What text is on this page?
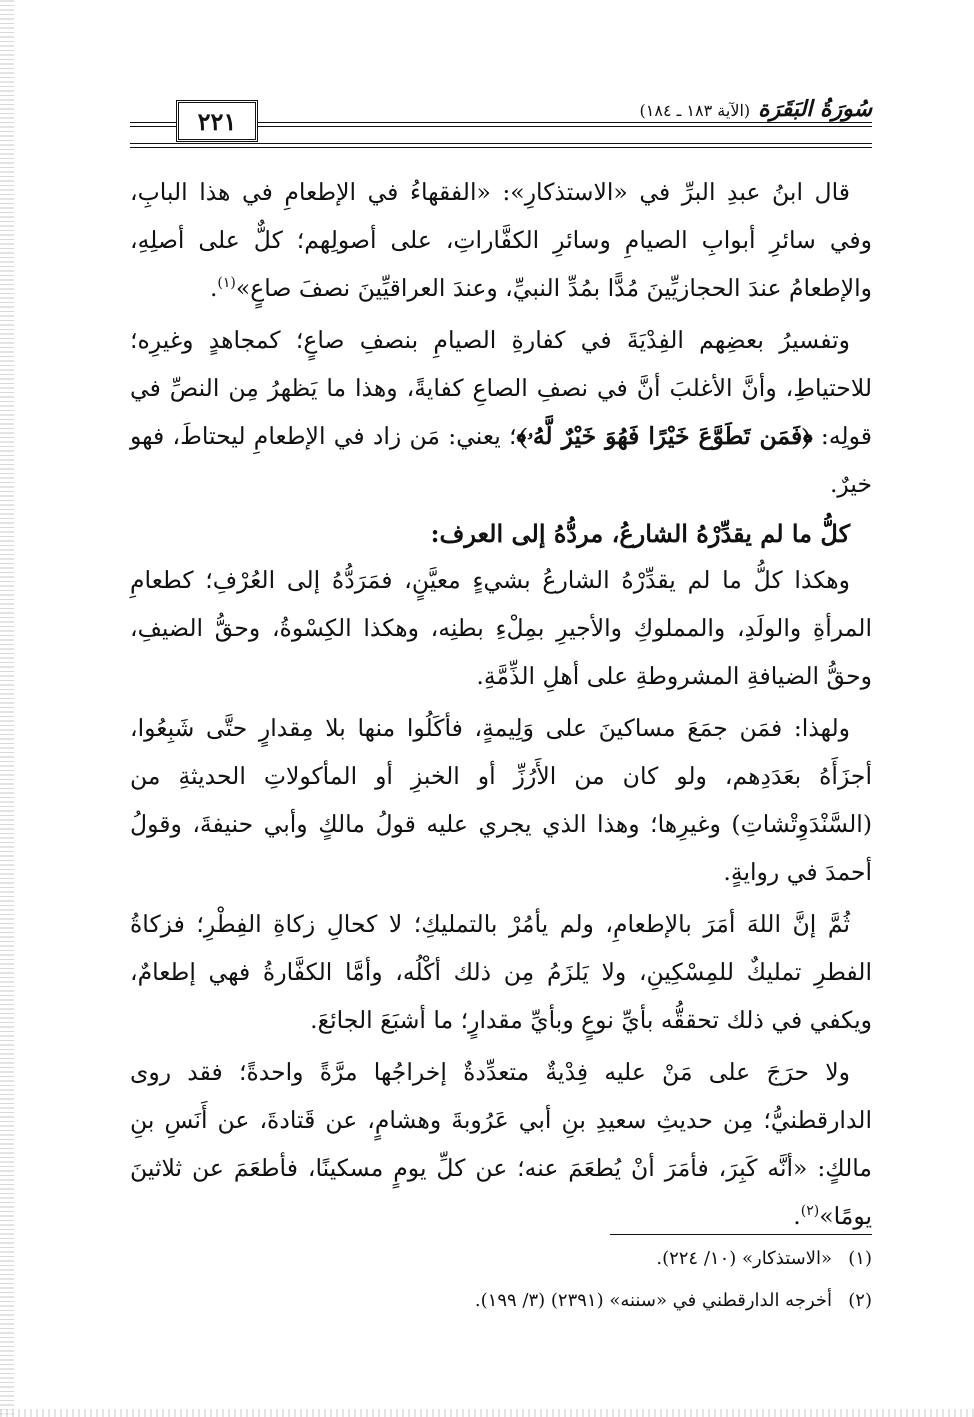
٢٢١	سُورَةُ البَقَرَة
(الآية ١٨٣ ـ ١٨٤)

قال ابنُ عبدِ البرِّ في «الاستذكارِ»: «الفقهاءُ في الإطعامِ في هذا البابِ، وفي سائرِ أبوابِ الصيامِ وسائرِ الكفَّاراتِ، على أصولِهم؛ كلٌّ على أصلِهِ، والإطعامُ عندَ الحجازيِّينَ مُدًّا بمُدِّ النبيِّ، وعندَ العراقيِّينَ نصفَ صاعٍ»$^{(١)}$.

وتفسيرُ بعضِهم الفِدْيَةَ في كفارةِ الصيامِ بنصفِ صاعٍ؛ كمجاهدٍ وغيرِه؛ للاحتياطِ، وأنَّ الأغلبَ أنَّ في نصفِ الصاعِ كفايةً، وهذا ما يَظهرُ مِن النصِّ في قولِه: ﴿فَمَن تَطَوَّعَ خَيْرًا فَهُوَ خَيْرٌ لَّهُۥ﴾؛ يعني: مَن زاد في الإطعامِ ليحتاطَ، فهو خيرٌ.

كلُّ ما لم يقدِّرْهُ الشارعُ، مردُّهُ إلى العرف:

وهكذا كلُّ ما لم يقدِّرْهُ الشارعُ بشيءٍ معيَّنٍ، فمَرَدُّهُ إلى العُرْفِ؛ كطعامِ المرأةِ والولَدِ، والمملوكِ والأجيرِ بمِلْءِ بطنِه، وهكذا الكِسْوةُ، وحقُّ الضيفِ، وحقُّ الضيافةِ المشروطةِ على أهلِ الذِّمَّةِ.

ولهذا: فمَن جمَعَ مساكينَ على وَلِيمةٍ، فأكَلُوا منها بلا مِقدارٍ حتَّى شَبِعُوا، أجزَأَهُ بعَدَدِهم، ولو كان من الأَرُزِّ أو الخبزِ أو المأكولاتِ الحديثةِ من (السَّنْدَوِتْشاتِ) وغيرِها؛ وهذا الذي يجري عليه قولُ مالكٍ وأبي حنيفةَ، وقولُ أحمدَ في روايةٍ.

ثُمَّ إنَّ اللهَ أمَرَ بالإطعامِ، ولم يأمُرْ بالتمليكِ؛ لا كحالِ زكاةِ الفِطْرِ؛ فزكاةُ الفطرِ تمليكٌ للمِسْكِينِ، ولا يَلزَمُ مِن ذلك أكْلُه، وأمَّا الكفَّارةُ فهي إطعامٌ، ويكفي في ذلك تحققُّه بأيِّ نوعٍ وبأيِّ مقدارٍ؛ ما أشبَعَ الجائعَ.

ولا حرَجَ على مَنْ عليه فِدْيةٌ متعدِّدةٌ إخراجُها مرَّةً واحدةً؛ فقد روى الدارقطنيُّ؛ مِن حديثِ سعيدِ بنِ أبي عَرُوبةَ وهشامٍ، عن قَتادةَ، عن أَنَسِ بنِ مالكٍ: «أنَّه كَبِرَ، فأمَرَ أنْ يُطعَمَ عنه؛ عن كلِّ يومٍ مسكينًا، فأطعَمَ عن ثلاثينَ يومًا»$^{(٢)}$.

(١)
«الاستذكار» (١٠/ ٢٢٤).
(٢)
أخرجه الدارقطني في «سننه» (٢٣٩١) (٣/ ١٩٩).
